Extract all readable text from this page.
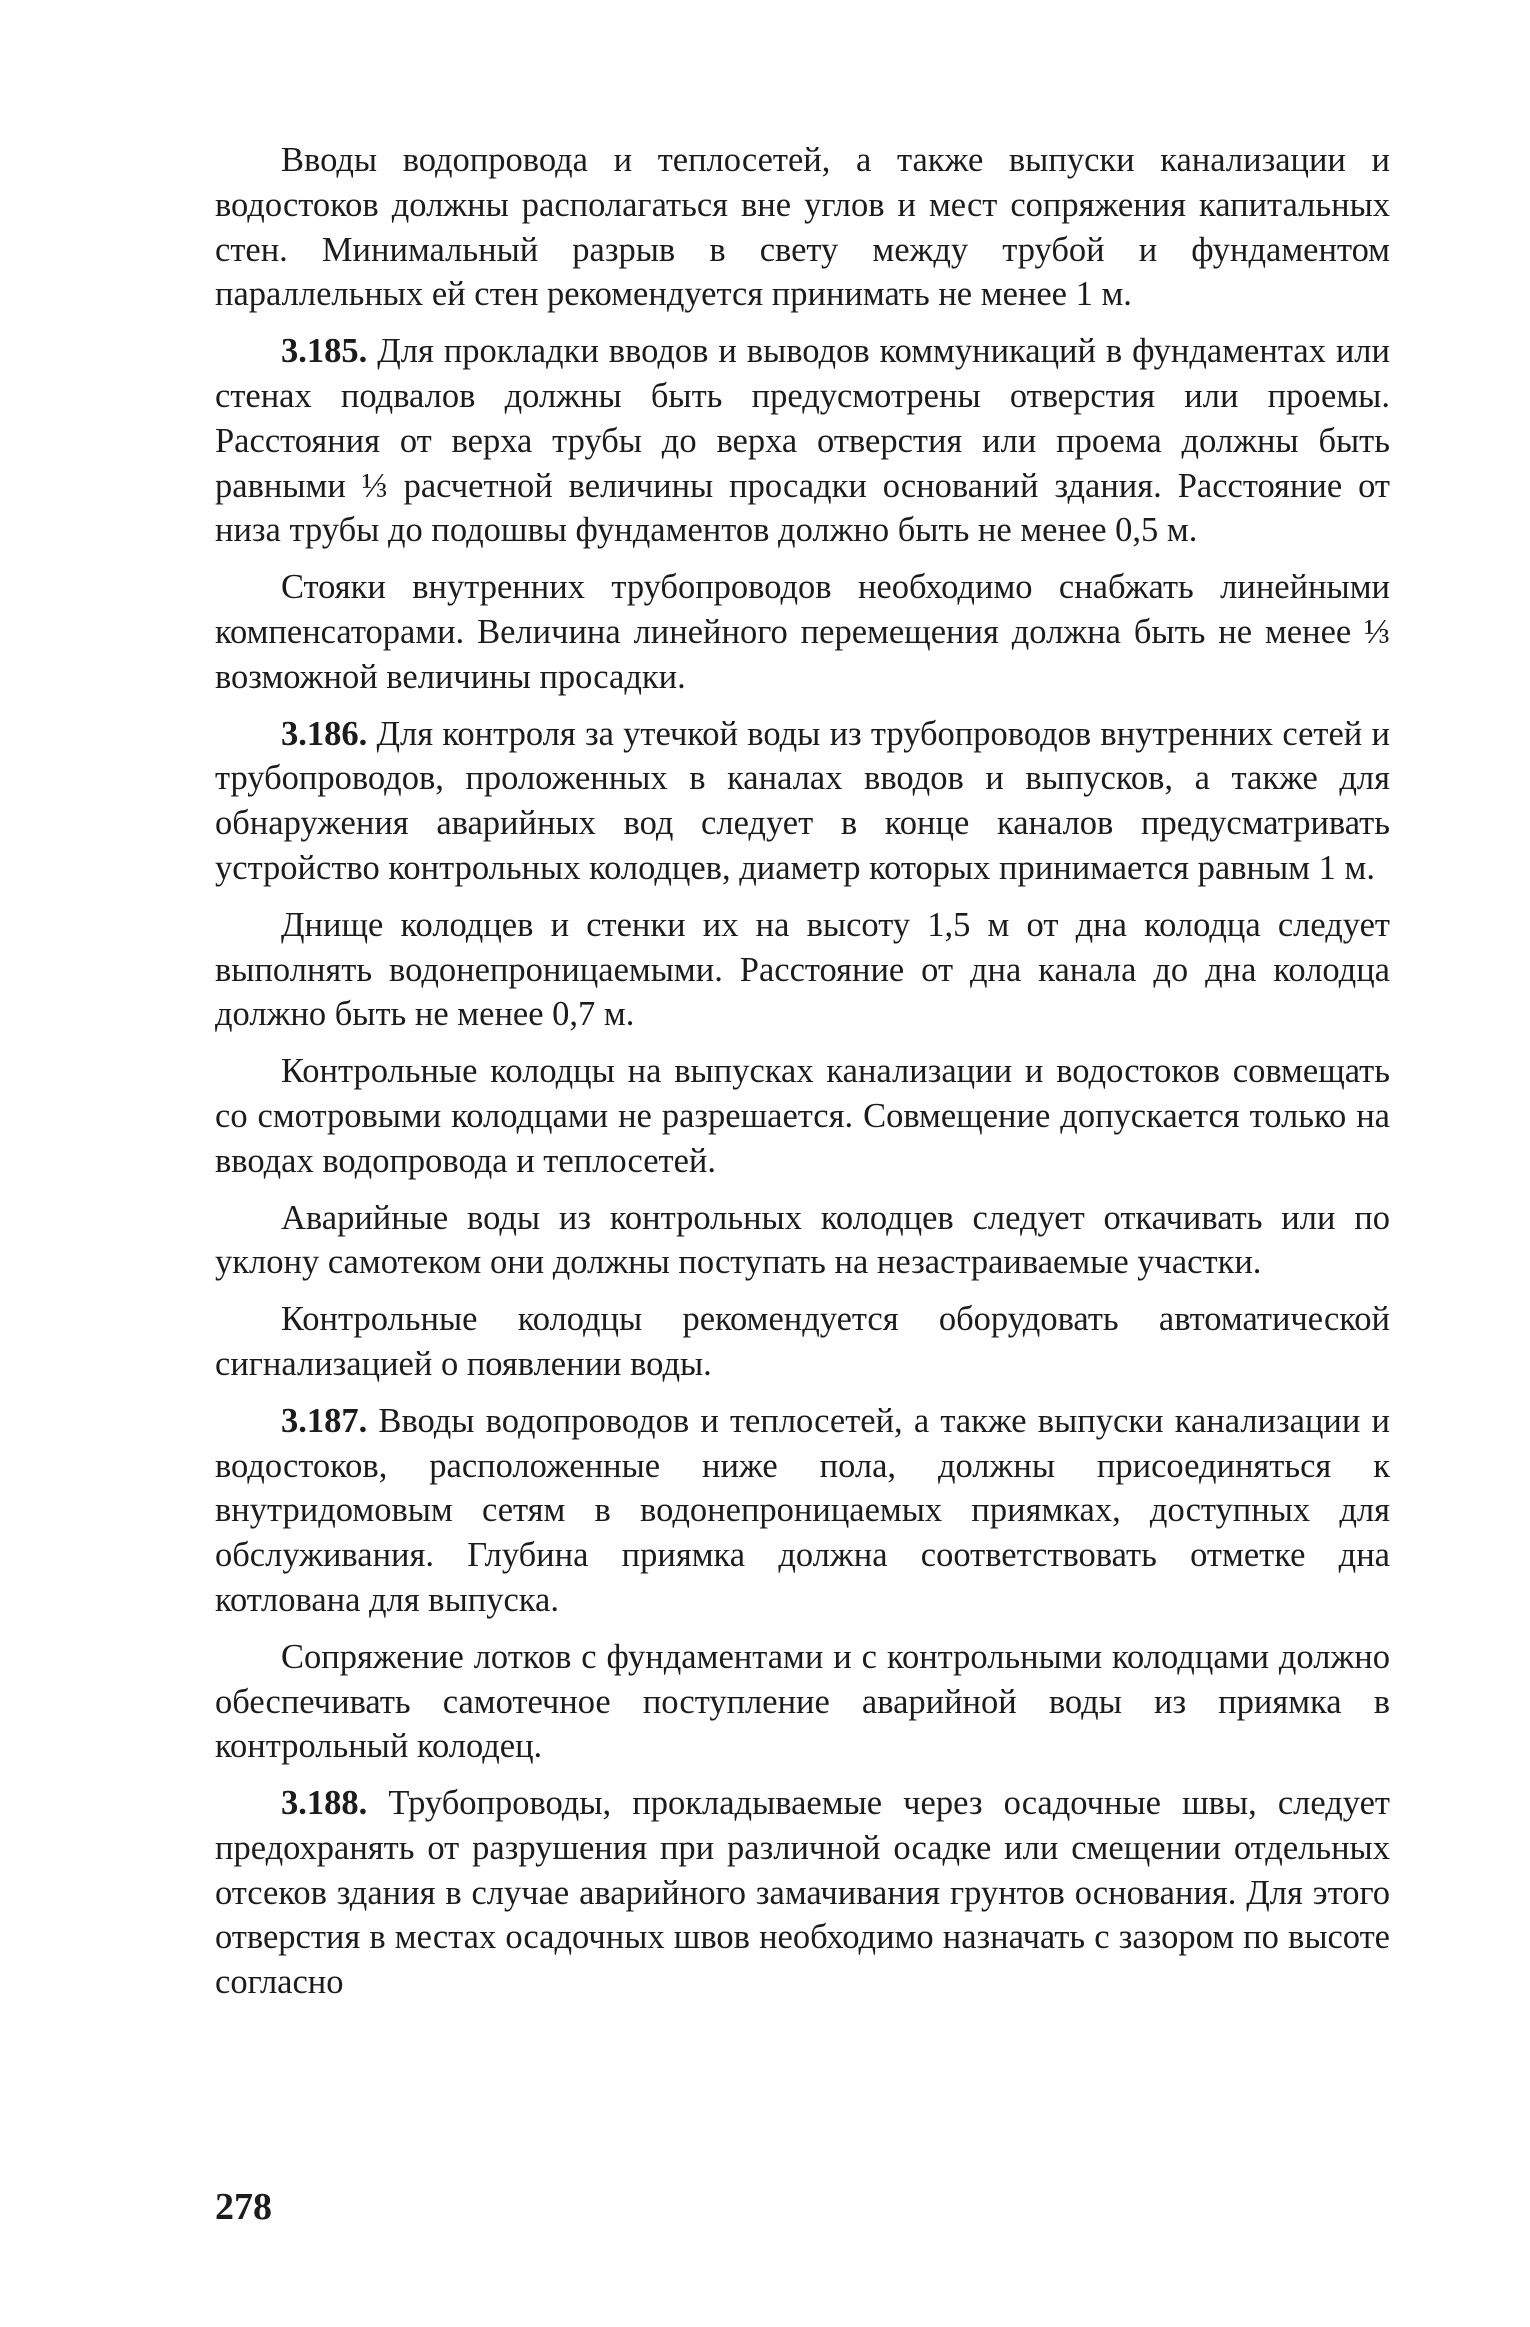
Вводы водопровода и теплосетей, а также выпуски канализации и водостоков должны располагаться вне углов и мест сопряжения капитальных стен. Минимальный разрыв в свету между трубой и фундаментом параллельных ей стен рекомендуется принимать не менее 1 м.

3.185. Для прокладки вводов и выводов коммуникаций в фундаментах или стенах подвалов должны быть предусмотрены отверстия или проемы. Расстояния от верха трубы до верха отверстия или проема должны быть равными ⅓ расчетной величины просадки оснований здания. Расстояние от низа трубы до подошвы фундаментов должно быть не менее 0,5 м.

Стояки внутренних трубопроводов необходимо снабжать линейными компенсаторами. Величина линейного перемещения должна быть не менее ⅓ возможной величины просадки.

3.186. Для контроля за утечкой воды из трубопроводов внутренних сетей и трубопроводов, проложенных в каналах вводов и выпусков, а также для обнаружения аварийных вод следует в конце каналов предусматривать устройство контрольных колодцев, диаметр которых принимается равным 1 м.

Днище колодцев и стенки их на высоту 1,5 м от дна колодца следует выполнять водонепроницаемыми. Расстояние от дна канала до дна колодца должно быть не менее 0,7 м.

Контрольные колодцы на выпусках канализации и водостоков совмещать со смотровыми колодцами не разрешается. Совмещение допускается только на вводах водопровода и теплосетей.

Аварийные воды из контрольных колодцев следует откачивать или по уклону самотеком они должны поступать на незастраиваемые участки.

Контрольные колодцы рекомендуется оборудовать автоматической сигнализацией о появлении воды.

3.187. Вводы водопроводов и теплосетей, а также выпуски канализации и водостоков, расположенные ниже пола, должны присоединяться к внутридомовым сетям в водонепроницаемых приямках, доступных для обслуживания. Глубина приямка должна соответствовать отметке дна котлована для выпуска.

Сопряжение лотков с фундаментами и с контрольными колодцами должно обеспечивать самотечное поступление аварийной воды из приямка в контрольный колодец.

3.188. Трубопроводы, прокладываемые через осадочные швы, следует предохранять от разрушения при различной осадке или смещении отдельных отсеков здания в случае аварийного замачивания грунтов основания. Для этого отверстия в местах осадочных швов необходимо назначать с зазором по высоте согласно

278
